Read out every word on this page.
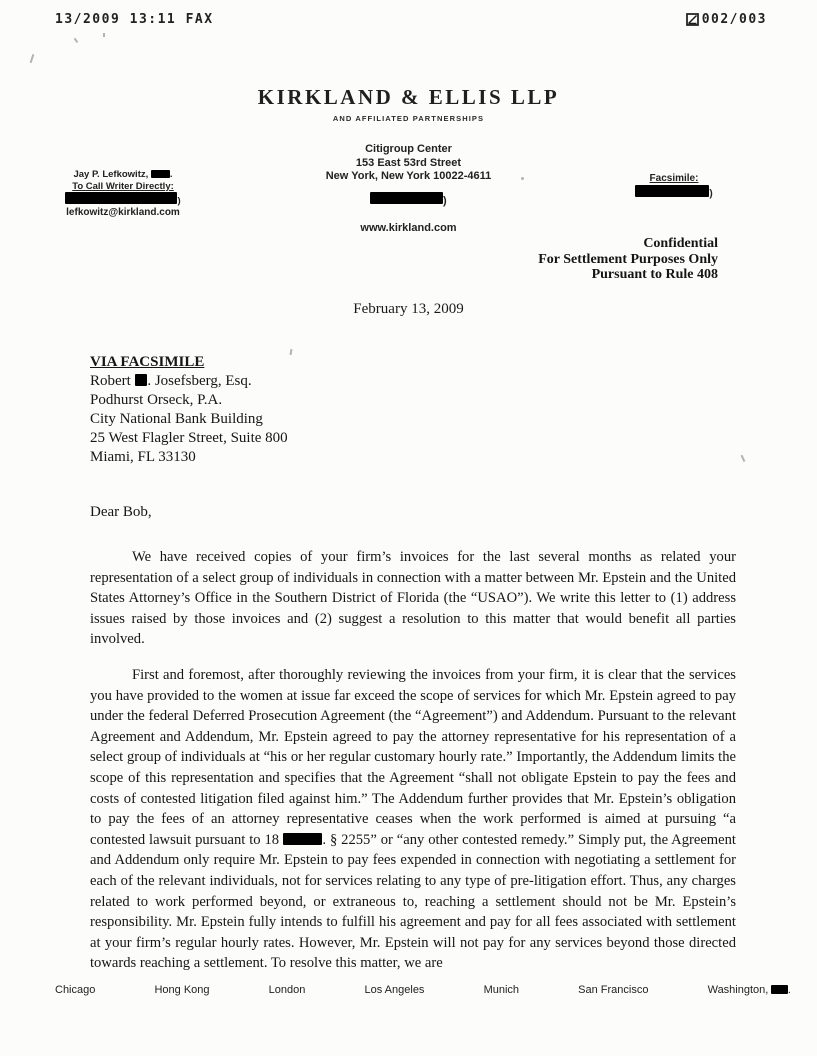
13/2009 13:11 FAX	002/003
KIRKLAND & ELLIS LLP
AND AFFILIATED PARTNERSHIPS
Citigroup Center
153 East 53rd Street
New York, New York 10022-4611
)
www.kirkland.com
Jay P. Lefkowitz, .
To Call Writer Directly:
)
lefkowitz@kirkland.com
Facsimile:
)
Confidential
For Settlement Purposes Only
Pursuant to Rule 408
February 13, 2009
VIA FACSIMILE
Robert . Josefsberg, Esq.
Podhurst Orseck, P.A.
City National Bank Building
25 West Flagler Street, Suite 800
Miami, FL 33130
Dear Bob,

We have received copies of your firm’s invoices for the last several months as related your representation of a select group of individuals in connection with a matter between Mr. Epstein and the United States Attorney’s Office in the Southern District of Florida (the “USAO”). We write this letter to (1) address issues raised by those invoices and (2) suggest a resolution to this matter that would benefit all parties involved.

First and foremost, after thoroughly reviewing the invoices from your firm, it is clear that the services you have provided to the women at issue far exceed the scope of services for which Mr. Epstein agreed to pay under the federal Deferred Prosecution Agreement (the “Agreement”) and Addendum. Pursuant to the relevant Agreement and Addendum, Mr. Epstein agreed to pay the attorney representative for his representation of a select group of individuals at “his or her regular customary hourly rate.” Importantly, the Addendum limits the scope of this representation and specifies that the Agreement “shall not obligate Epstein to pay the fees and costs of contested litigation filed against him.” The Addendum further provides that Mr. Epstein’s obligation to pay the fees of an attorney representative ceases when the work performed is aimed at pursuing “a contested lawsuit pursuant to 18	. § 2255” or “any other contested remedy.” Simply put, the Agreement and Addendum only require Mr. Epstein to pay fees expended in connection with negotiating a settlement for each of the relevant individuals, not for services relating to any type of pre-litigation effort. Thus, any charges related to work performed beyond, or extraneous to, reaching a settlement should not be Mr. Epstein’s responsibility. Mr. Epstein fully intends to fulfill his agreement and pay for all fees associated with settlement at your firm’s regular hourly rates. However, Mr. Epstein will not pay for any services beyond those directed towards reaching a settlement. To resolve this matter, we are

Chicago	Hong Kong	London	Los Angeles	Munich	San Francisco	Washington, .
